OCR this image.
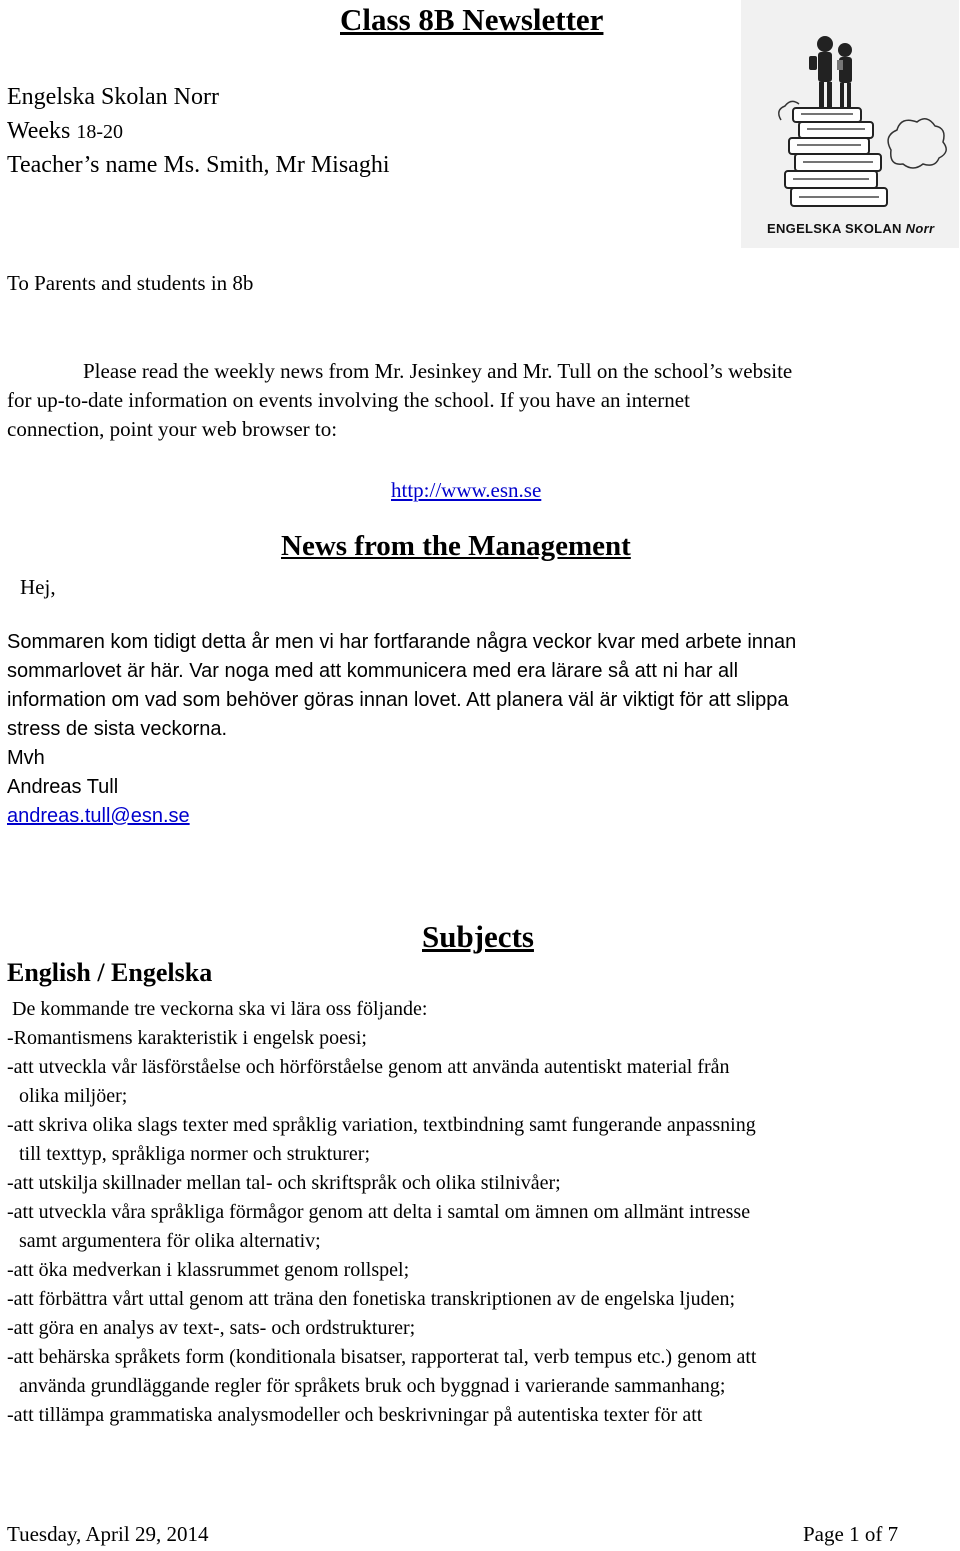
Class 8B Newsletter
Engelska Skolan Norr
Weeks 18-20
Teacher’s name Ms. Smith, Mr Misaghi
To Parents and students in 8b
ENGELSKA SKOLAN Norr
Please read the weekly news from Mr. Jesinkey and Mr. Tull on the school’s website
for up-to-date information on events involving the school. If you have an internet
connection, point your web browser to:
http://www.esn.se
Hej,
News from the Management
Sommaren kom tidigt detta år men vi har fortfarande några veckor kvar med arbete innan
sommarlovet är här. Var noga med att kommunicera med era lärare så att ni har all
information om vad som behöver göras innan lovet. Att planera väl är viktigt för att slippa
stress de sista veckorna.
Mvh
Andreas Tull
andreas.tull@esn.se
Subjects
English / Engelska
De kommande tre veckorna ska vi lära oss följande:
-Romantismens karakteristik i engelsk poesi;
-att utveckla vår läsförståelse och hörförståelse genom att använda autentiskt material från
olika miljöer;
-att skriva olika slags texter med språklig variation, textbindning samt fungerande anpassning
till texttyp, språkliga normer och strukturer;
-att utskilja skillnader mellan tal- och skriftspråk och olika stilnivåer;
-att utveckla våra språkliga förmågor genom att delta i samtal om ämnen om allmänt intresse
samt argumentera för olika alternativ;
-att öka medverkan i klassrummet genom rollspel;
-att förbättra vårt uttal genom att träna den fonetiska transkriptionen av de engelska ljuden;
-att göra en analys av text-, sats- och ordstrukturer;
-att behärska språkets form (konditionala bisatser, rapporterat tal, verb tempus etc.) genom att
använda grundläggande regler för språkets bruk och byggnad i varierande sammanhang;
-att tillämpa grammatiska analysmodeller och beskrivningar på autentiska texter för att
Tuesday, April 29, 2014	Page 1 of 7
